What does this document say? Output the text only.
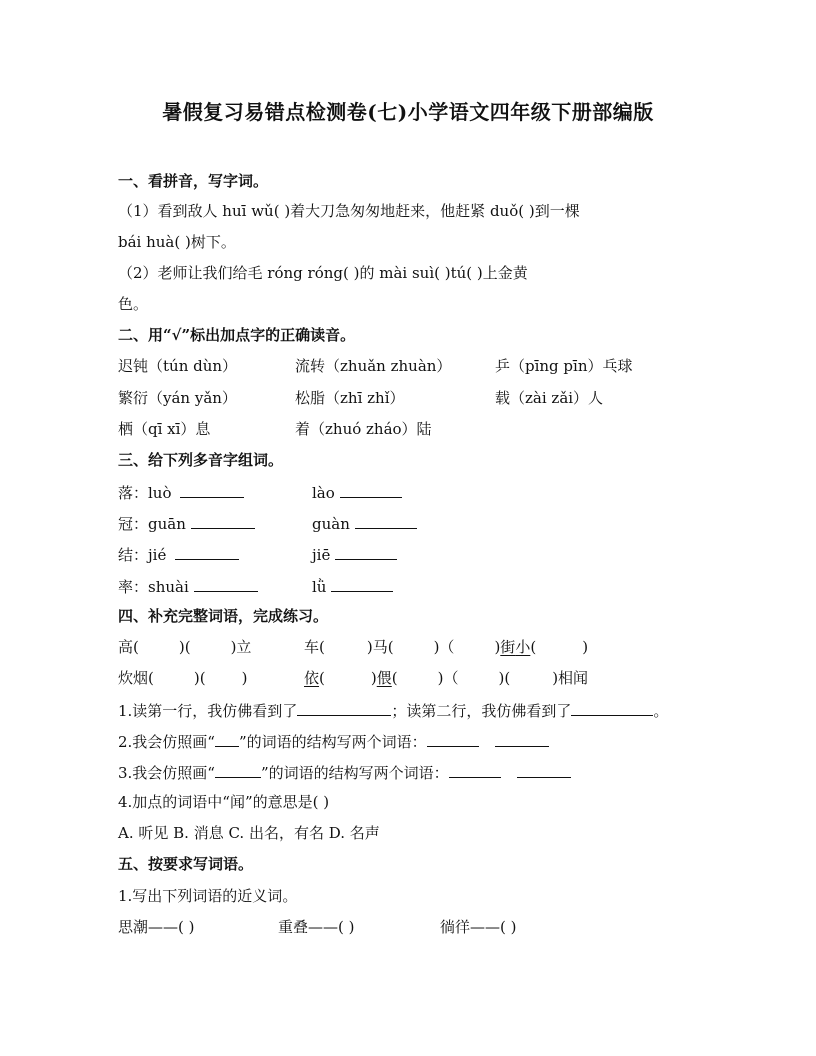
暑假复习易错点检测卷(七)小学语文四年级下册部编版
一、看拼音，写字词。
（1）看到敌人 huī wǔ( )着大刀急匆匆地赶来，他赶紧 duǒ( )到一棵
bái huà( )树下。
（2）老师让我们给毛 róng róng( )的 mài suì( )tú( )上金黄
色。
二、用“√”标出加点字的正确读音。
迟钝（tún dùn）	流转（zhuǎn zhuàn）	乒（pīng pīn）乓球
繁衍（yán yǎn）	松脂（zhī zhǐ）	载（zài zǎi）人
栖（qī xī）息	着（zhuó zháo）陆
三、给下列多音字组词。
落：luò	lào
冠：guān	guàn
结：jié	jiē
率：shuài	lǜ
四、补充完整词语，完成练习。
高(	)(	)立	车(	)马(	)（	)街小(	)
炊烟(	)( )	依(	)偎(	)（	)(	)相闻
1.读第一行，我仿佛看到了	；读第二行，我仿佛看到了	。
2.我会仿照画“ ”的词语的结构写两个词语：
3.我会仿照画“	”的词语的结构写两个词语：
4.加点的词语中“闻”的意思是( )
A. 听见 B. 消息 C. 出名，有名 D. 名声
五、按要求写词语。
1.写出下列词语的近义词。
思潮——( )	重叠——( )	徜徉——( )
